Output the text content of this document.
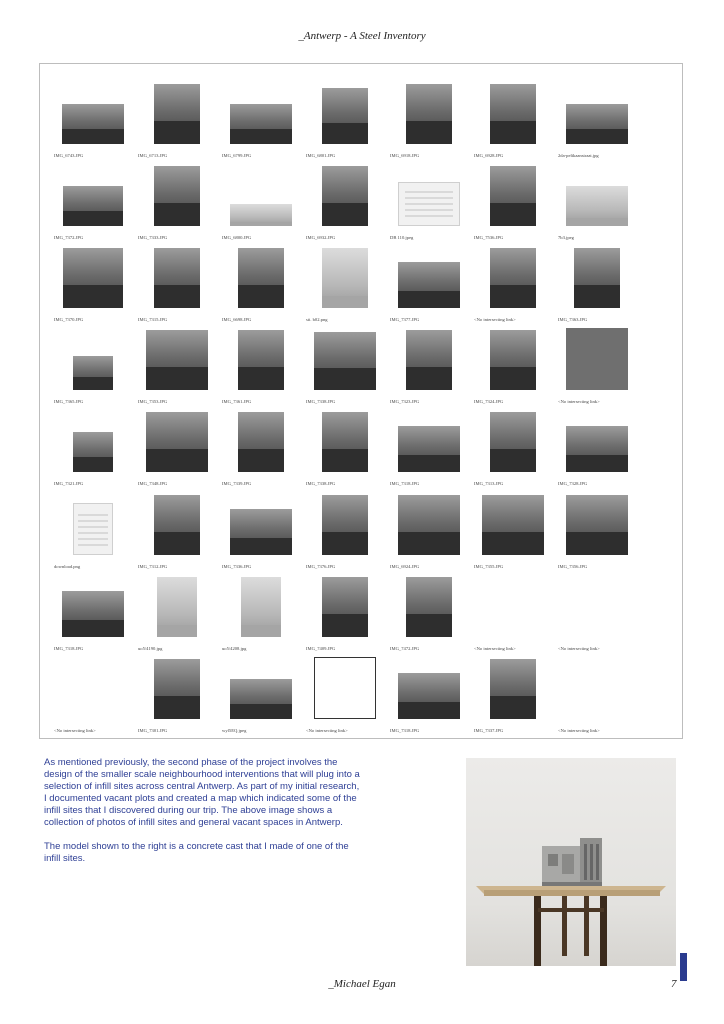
_Antwerp - A Steel Inventory
IMG_6743.JPG	IMG_6713.JPG	IMG_6799.JPG	IMG_6801.JPG	IMG_6918.JPG	IMG_6928.JPG	2da-pelikaanstraat.jpg
IMG_7372.JPG	IMG_7333.JPG	IMG_6800.JPG	IMG_6932.JPG	DB 110.jpeg	IMG_7536.JPG	7b3.jpeg
IMG_7370.JPG	IMG_7315.JPG	IMG_6698.JPG	sti. b02.png	IMG_7377.JPG	<No intersecting link>	IMG_7363.JPG
IMG_7365.JPG	IMG_7353.JPG	IMG_7361.JPG	IMG_7338.JPG	IMG_7323.JPG	IMG_7324.JPG	<No intersecting link>
IMG_7321.JPG	IMG_7348.JPG	IMG_7339.JPG	IMG_7338.JPG	IMG_7318.JPG	IMG_7313.JPG	IMG_7328.JPG
download.png	IMG_7312.JPG	IMG_7336.JPG	IMG_7376.JPG	IMG_6924.JPG	IMG_7355.JPG	IMG_7356.JPG
IMG_7318.JPG	uo5/4190.jpg	uo5/4208.jpg	IMG_7409.JPG	IMG_7472.JPG	<No intersecting link>	<No intersecting link>
<No intersecting link>	IMG_7301.JPG	wyl5EQ.jpeg	<No intersecting link>	IMG_7318.JPG	IMG_7337.JPG	<No intersecting link>

As mentioned previously, the second phase of the project involves the design of the smaller scale neighbourhood interventions that will plug into a selection of infill sites across central Antwerp. As part of my initial research, I documented vacant plots and created a map which indicated some of the infill sites that I discovered during our trip. The above image shows a collection of photos of infill sites and general vacant spaces in Antwerp.

The model shown to the right is a concrete cast that I made of one of the infill sites.

_Michael Egan	7
